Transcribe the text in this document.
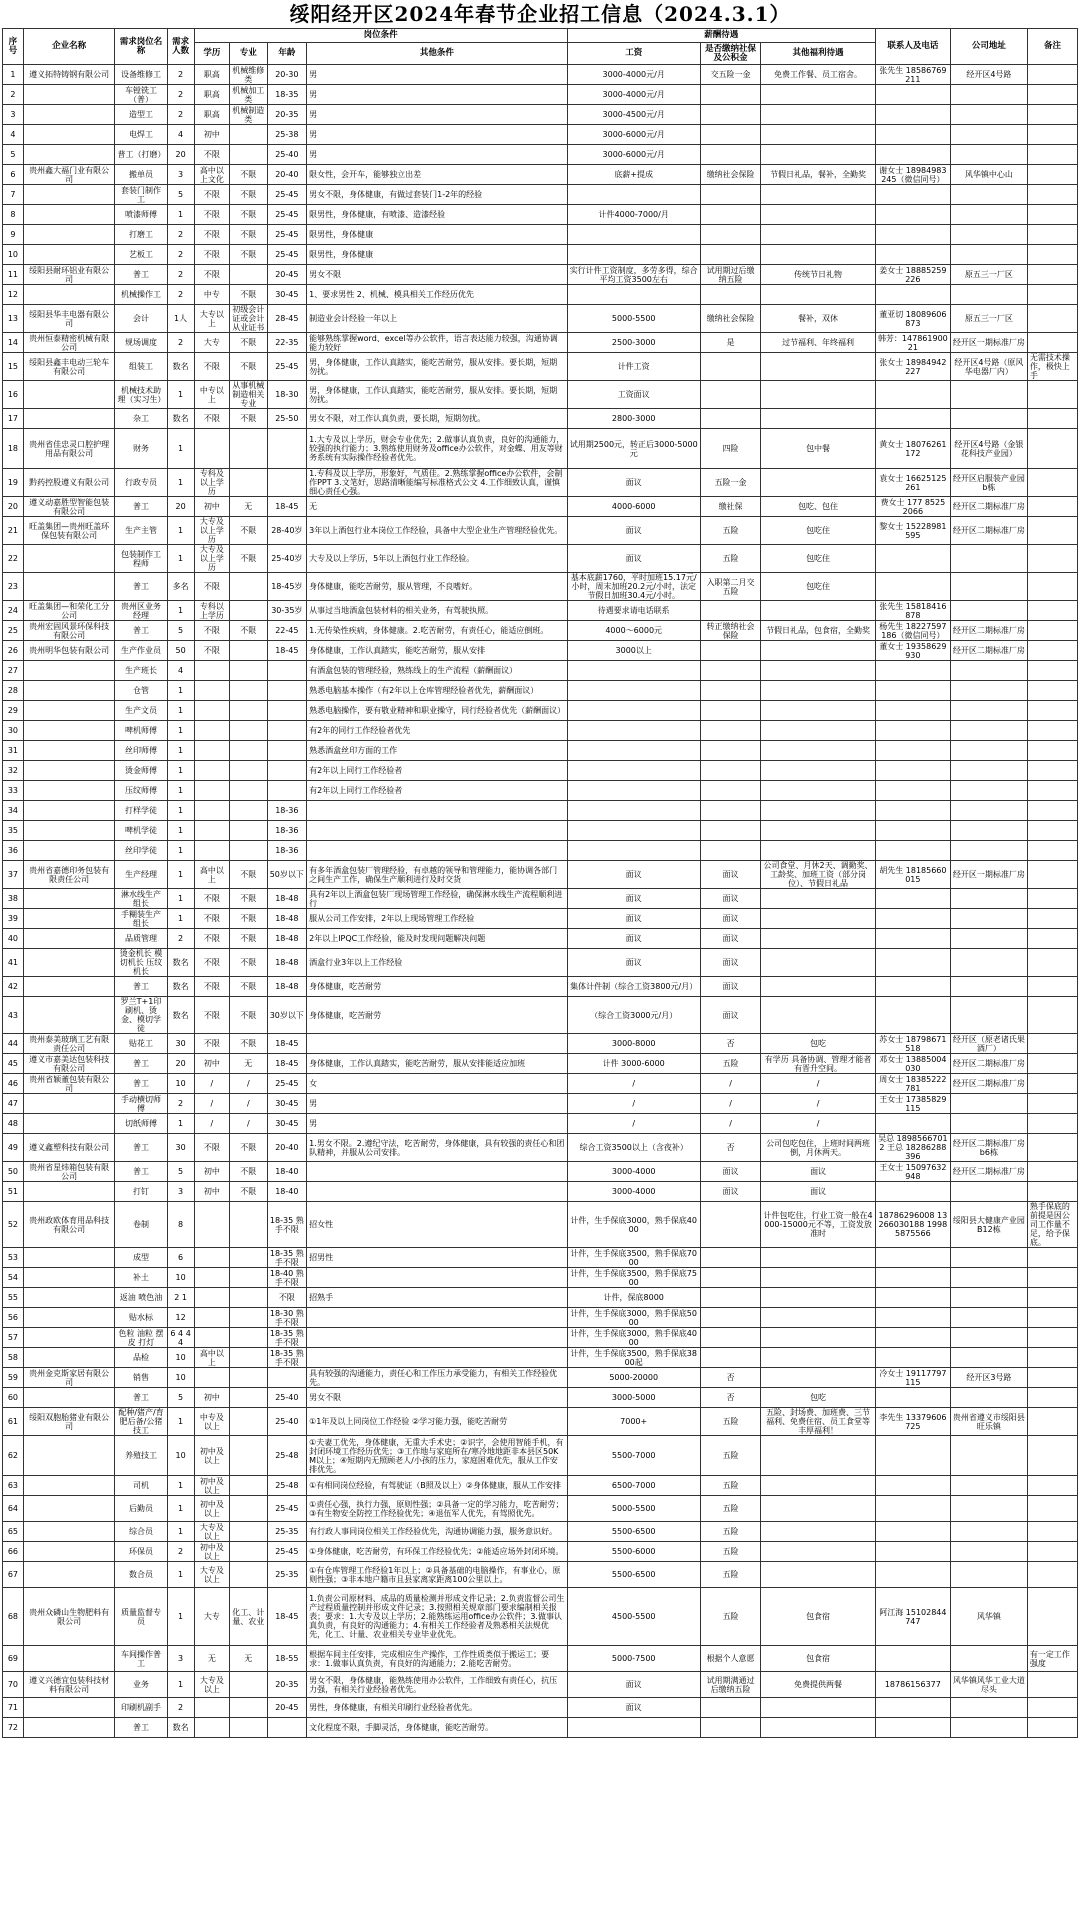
绥阳经开区2024年春节企业招工信息（2024.3.1）
序号	企业名称	需求岗位名称	需求人数	岗位条件				薪酬待遇			联系人及电话	公司地址	备注
				学历	专业	年龄	其他条件	工资	是否缴纳社保及公积金	其他福利待遇			
1	遵义拓特铸钢有限公司	设备维修工	2	职高	机械维修类	20-30	男	3000-4000元/月	交五险一金	免费工作餐、员工宿舍。	张先生 18586769211	经开区4号路	
2		车镗铣工（普）	2	职高	机械加工类	18-35	男	3000-4000元/月					
3		造型工	2	职高	机械制造类	20-35	男	3000-4500元/月					
4		电焊工	4	初中		25-38	男	3000-6000元/月					
5		普工（打磨）	20	不限		25-40	男	3000-6000元/月					
6	贵州鑫大福门业有限公司	搬单员	3	高中以上文化	不限	20-40	限女性，会开车，能够独立出差	底薪+提成	缴纳社会保险	节假日礼品，餐补，全勤奖	谢女士 18984983245（微信同号）	风华镇中心山	
7		套装门制作工	5	不限	不限	25-45	男女不限，身体健康，有做过套装门1-2年的经验						
8		喷漆师傅	1	不限	不限	25-45	限男性，身体健康，有喷漆、造漆经验	计件4000-7000/月					
9		打磨工	2	不限	不限	25-45	限男性，身体健康						
10		艺板工	2	不限	不限	25-45	限男性，身体健康						
11	绥阳县耐环铝业有限公司	普工	2	不限		20-45	男女不限	实行计件工资制度，多劳多得，综合平均工资3500左右	试用期过后缴纳五险	传统节日礼物	姜女士 18885259226	原五三一厂区	
12		机械操作工	2	中专	不限	30-45	1、要求男性 2、机械、模具相关工作经历优先						
13	绥阳县华丰电器有限公司	会计	1人	大专以上	初级会计证或会计从业证书	28-45	制造业会计经验一年以上	5000-5500	缴纳社会保险	餐补，双休	董亚切 18089606873	原五三一厂区	
14	贵州恒泰精密机械有限公司	规场调度	2	大专	不限	22-35	能够熟练掌握word、excel等办公软件，语言表达能力较强，沟通协调能力较好	2500-3000	是	过节福利、年终福利	韩芳：14786190021	经开区一期标准厂房	
15	绥阳县鑫丰电动三轮车有限公司	组装工	数名	不限	不限	25-45	男，身体健康，工作认真踏实，能吃苦耐劳，服从安排。要长期，短期勿扰。	计件工资			张女士 18984942227	经开区4号路（原风华电器厂内）	无需技术操作，极快上手
16		机械技术助理（实习生）	1	中专以上	从事机械制造相关专业	18-30	男，身体健康，工作认真踏实，能吃苦耐劳，服从安排。要长期，短期勿扰。	工资面议					
17		杂工	数名	不限	不限	25-50	男女不限，对工作认真负责，要长期，短期勿扰。	2800-3000					
18	贵州省佳忠灵口腔护理用品有限公司	财务	1				1.大专及以上学历，财会专业优先；2.做事认真负责，良好的沟通能力，较强的执行能力；3.熟练使用财务及office办公软件，对金蝶、用友等财务系统有实际操作经验者优先。	试用期2500元，转正后3000-5000元	四险	包中餐	黄女士 18076261172	经开区4号路（金银花科技产业园）	
19	黔药控股遵义有限公司	行政专员	1	专科及以上学历			1.专科及以上学历，形象好，气质佳。2.熟练掌握office办公软件，会制作PPT 3.文笔好，思路清晰能编写标准格式公文 4.工作细致认真，谨慎细心责任心强。	面议	五险一金		袁女士 16625125261	经开区启服装产业园b栋	
20	遵义动嘉胜型智能包装有限公司	普工	20	初中	无	18-45	无	4000-6000	缴社保	包吃、包住	费女士 177 8525 2066	经开区二期标准厂房	
21	旺盖集团—贵州旺盖环保包装有限公司	生产主管	1	大专及以上学历	不限	28-40岁	3年以上酒包行业本岗位工作经验，具备中大型企业生产管理经验优先。	面议	五险	包吃住	黎女士 15228981595	经开区二期标准厂房	
22		包装制作工程师	1	大专及以上学历	不限	25-40岁	大专及以上学历，5年以上酒包行业工作经验。	面议	五险	包吃住			
23		普工	多名	不限		18-45岁	身体健康，能吃苦耐劳，服从管理，不良嗜好。	基本底薪1760，平时加班15.17元/小时，周末加班20.2元/小时，法定节假日加班30.4元/小时。	入职第二月交五险	包吃住			
24	旺盖集团—和荣化工分公司	贵州区业务经理	1	专科以上学历		30-35岁	从事过当地酒盒包装材料的相关业务，有驾驶执照。	待遇要求请电话联系			张先生 15818416878		
25	贵州宏固风景环保科技有限公司	普工	5	不限	不限	22-45	1.无传染性疾病，身体健康。2.吃苦耐劳，有责任心，能适应倒班。	4000～6000元	转正缴纳社会保险	节假日礼品，包食宿，全勤奖	杨先生 18227597186（微信同号）	经开区二期标准厂房	
26	贵州明华包装有限公司	生产作业员	50	不限		18-45	身体健康，工作认真踏实，能吃苦耐劳，服从安排	3000以上			董女士 19358629930	经开区二期标准厂房	
27		生产班长	4				有酒盒包装的管理经验，熟练线上的生产流程（薪酬面议）						
28		仓管	1				熟悉电脑基本操作（有2年以上仓库管理经验者优先，薪酬面议）						
29		生产文员	1				熟悉电脑操作，要有敬业精神和职业操守，同行经验者优先（薪酬面议）						
30		啤机师傅	1				有2年的同行工作经验者优先						
31		丝印师傅	1				熟悉酒盒丝印方面的工作						
32		烫金师傅	1				有2年以上同行工作经验者						
33		压纹师傅	1				有2年以上同行工作经验者						
34		打样学徒	1			18-36							
35		啤机学徒	1			18-36							
36		丝印学徒	1			18-36							
37	贵州省嘉德印务包装有限责任公司	生产经理	1	高中以上	不限	50岁以下	有多年酒盒包装厂管理经验，有卓越的领导和管理能力，能协调各部门之间生产工作，确保生产顺利进行及时交货	面议	面议	公司食堂、月休2天、调勤奖、工龄奖、加班工资（部分岗位）、节假日礼品	胡先生 18185660015	经开区一期标准厂房	
38		淋水线生产组长	1	不限	不限	18-48	具有2年以上酒盒包装厂现场管理工作经验，确保淋水线生产流程顺利进行	面议	面议				
39		手糊装生产组长	1	不限	不限	18-48	服从公司工作安排，2年以上现场管理工作经验	面议	面议				
40		品质管理	2	不限	不限	18-48	2年以上IPQC工作经验，能及时发现问题解决问题	面议	面议				
41		烫金机长 模切机长 压纹机长	数名	不限	不限	18-48	酒盒行业3年以上工作经验	面议	面议				
42		普工	数名	不限	不限	18-48	身体健康，吃苦耐劳	集体计件制（综合工资3800元/月）	面议				
43		罗兰T+1印刷机、烫金、模切学徒	数名	不限	不限	30岁以下	身体健康，吃苦耐劳	（综合工资3000元/月）	面议				
44	贵州泰美玻璃工艺有限责任公司	贴花工	30	不限	不限	18-45		3000-8000	否	包吃	苏女士 18798671518	经开区（原老诸氏果酒厂）	
45	遵义市嘉美达包装科技有限公司	普工	20	初中	无	18-45	身体健康，工作认真踏实，能吃苦耐劳，服从安排能适应加班	计件 3000-6000	五险	有学历 具备协调、管理才能者 有晋升空间。	邓女士 13885004030	经开区二期标准厂房	
46	贵州省颖董包装有限公司	普工	10	/	/	25-45	女	/	/	/	周女士 18385222781	经开区二期标准厂房	
47		手动横切师傅	2	/	/	30-45	男	/	/	/	王女士 17385829115		
48		切纸师傅	1	/	/	30-45	男	/	/	/			
49	遵义鑫塑科技有限公司	普工	30	不限	不限	20-40	1.男女不限。2.遵纪守法，吃苦耐劳，身体健康，具有较强的责任心和团队精神，并服从公司安排。	综合工资3500以上（含夜补）	否	公司包吃包住，上班时间两班倒，月休两天。	吴总 18985667012 王总 18286288396	经开区二期标准厂房b6栋	
50	贵州省星炜箱包装有限公司	普工	5	初中	不限	18-40		3000-4000	面议	面议	王女士 15097632948	经开区二期标准厂房	
51		打钉	3	初中	不限	18-40		3000-4000	面议	面议			
52	贵州政欧体育用品科技有限公司	卷制	8			18-35 熟手不限	招女性	计件，生手保底3000，熟手保底4000		计件包吃住，行业工资一般在4000-15000元不等，工资发放准时	18786296008 13266030188 19985875566	绥阳县大健康产业园B12栋	熟手保底的前提是因公司工作量不足，给予保底。
53		成型	6			18-35 熟手不限	招男性	计件，生手保底3500，熟手保底7000					
54		补土	10			18-40 熟手不限		计件，生手保底3500，熟手保底7500					
55		返油 喷色油	2 1			不限	招熟手	计件，保底8000					
56		贴水标	12			18-30 熟手不限		计件，生手保底3000，熟手保底5000					
57		色粒 油粒 摆皮 打灯	6 4 4 4			18-35 熟手不限		计件，生手保底3000，熟手保底4000					
58		品检	10	高中以上		18-35 熟手不限		计件，生手保底3500，熟手保底3800起					
59	贵州金克斯家居有限公司	销售	10				具有较强的沟通能力，责任心和工作压力承受能力，有相关工作经验优先。	5000-20000	否		冷女士 19117797115	经开区3号路	
60		普工	5	初中		25-40	男女不限	3000-5000	否	包吃			
61	绥阳双胞胎猪业有限公司	配种/猪产/育肥后备/公猪技工	1	中专及以上		25-40	①1年及以上同岗位工作经验 ②学习能力强，能吃苦耐劳	7000+	五险	五险、封场费、加班费、三节福利、免费住宿、员工食堂等丰厚福利！	李先生 13379606725	贵州省遵义市绥阳县旺乐镇	
62		养殖技工	10	初中及以上		25-48	①夫妻工优先，身体健康，无重大手术史；②识字，会使用智能手机，有封闭环境工作经历优先；③工作地与家庭所在/寒冷地地距非本县区50KM以上；④短期内无照顾老人/小孩的压力，家庭困难优先，服从工作安排优先。	5500-7000	五险				
63		司机	1	初中及以上		25-48	①有相同岗位经验，有驾驶证（B照及以上）②身体健康，服从工作安排	6500-7000	五险				
64		后勤员	1	初中及以上		25-45	①责任心强，执行力强，原则性强；②具备一定的学习能力，吃苦耐劳；③有生物安全防控工作经验优先；④退伍军人优先，有驾照优先。	5000-5500	五险				
65		综合员	1	大专及以上		25-35	有行政人事同岗位相关工作经验优先，沟通协调能力强，服务意识好。	5500-6500	五险				
66		环保员	2	初中及以上		25-45	①身体健康，吃苦耐劳，有环保工作经验优先；②能适应场外封闭环境。	5500-6000	五险				
67		数合员	1	大专及以上		25-35	①有仓库管理工作经验1年以上；②具备基础的电脑操作，有事业心，原则性强；③非本地户籍市且县家离家距离100公里以上。	5500-6500	五险				
68	贵州众磷山生物肥料有限公司	质量监督专员	1	大专	化工、计量、农业	18-45	1.负责公司原材料、成品的质量检测并形成文件记录；2.负责监督公司生产过程质量控制并形成文件记录；3.按照相关规章部门要求编制相关报表；要求：1.大专及以上学历；2.能熟练运用office办公软件；3.做事认真负责，有良好的沟通能力；4.有相关工作经验者及熟悉相关法规优先，化工、计量、农业相关专业毕业优先。	4500-5500	五险	包食宿	阿江海 15102844747	风华镇	
69		车间操作普工	3	无	无	18-55	根据车间主任安排，完成相应生产操作，工作性质类似于搬运工；要求：1.做事认真负责，有良好的沟通能力；2.能吃苦耐劳。	5000-7500	根据个人意愿	包食宿			有一定工作强度
70	遵义兴德宜包装科技材料有限公司	业务	1	大专及以上		20-35	男女不限，身体健康，能熟练使用办公软件，工作细致有责任心，抗压力强，有相关行业经验者优先。	面议	试用期满通过后缴纳五险	免费提供两餐	18786156377	风华镇风华工业大道尽头	
71		印刷机副手	2			20-45	男性，身体健康，有相关印刷行业经验者优先。	面议					
72		普工	数名				文化程度不限，手脚灵活，身体健康，能吃苦耐劳。						
